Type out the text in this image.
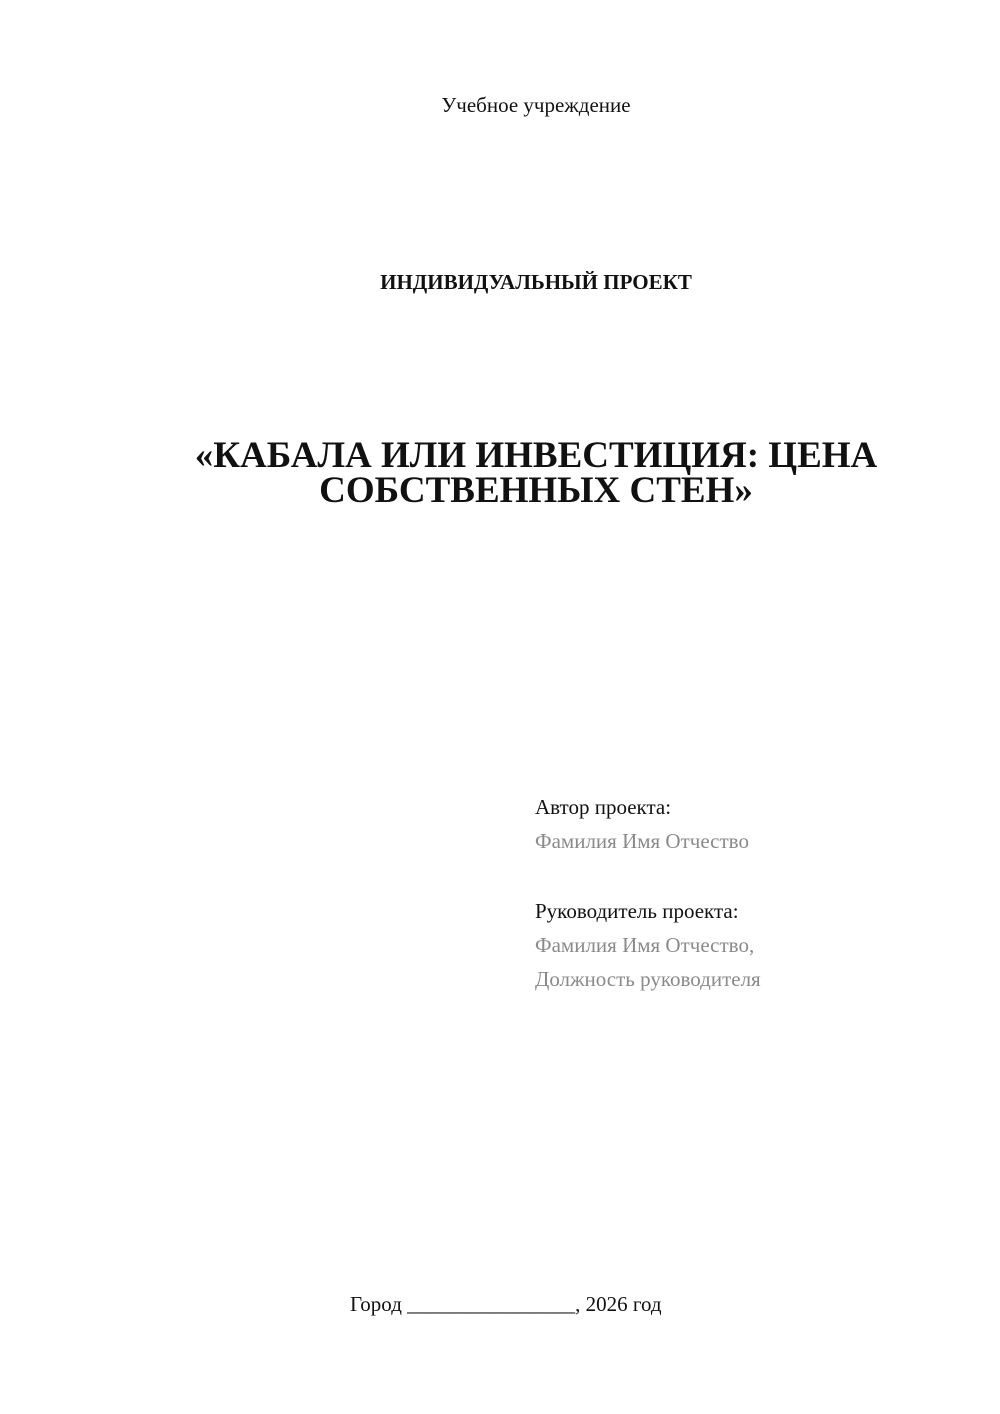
Учебное учреждение
ИНДИВИДУАЛЬНЫЙ ПРОЕКТ
«КАБАЛА ИЛИ ИНВЕСТИЦИЯ: ЦЕНА
СОБСТВЕННЫХ СТЕН»
Автор проекта:
Фамилия Имя Отчество
Руководитель проекта:
Фамилия Имя Отчество,
Должность руководителя
Город ________________, 2026 год
